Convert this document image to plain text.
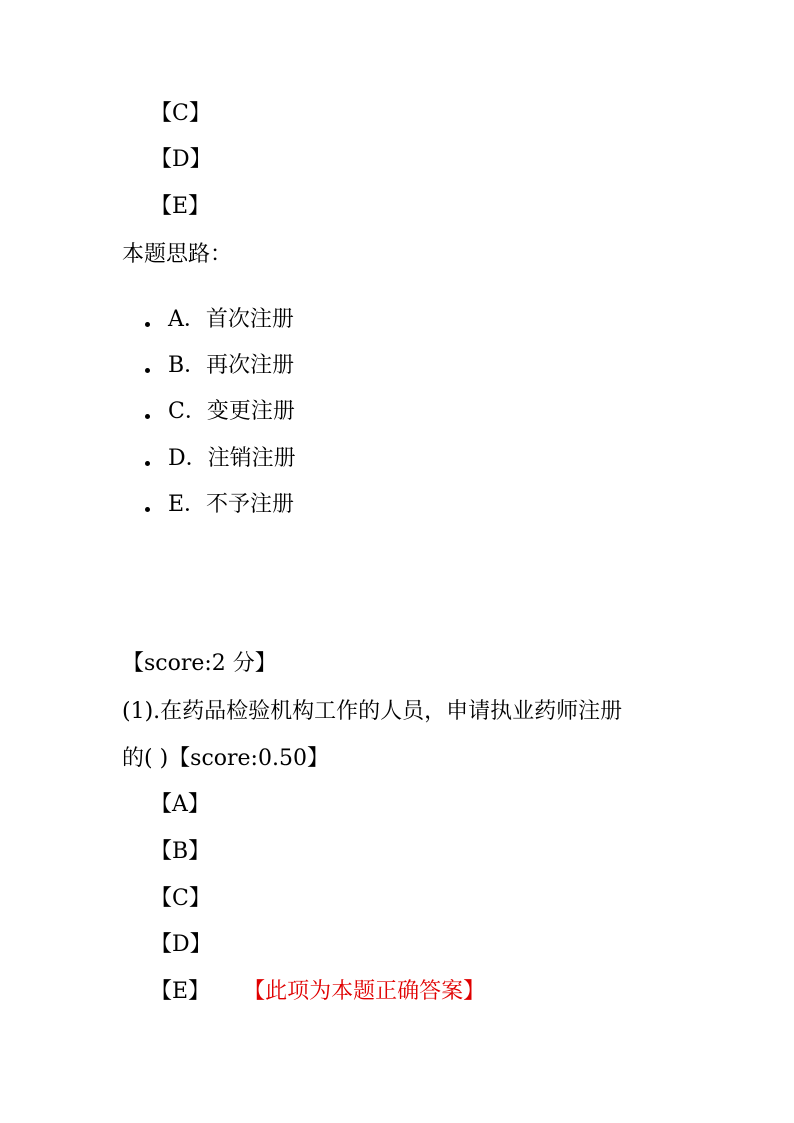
【C】
【D】
【E】
本题思路：
A．首次注册
B．再次注册
C．变更注册
D．注销注册
E．不予注册
【score:2 分】
(1).在药品检验机构工作的人员，申请执业药师注册
的( )【score:0.50】
【A】
【B】
【C】
【D】
【E】 【此项为本题正确答案】
